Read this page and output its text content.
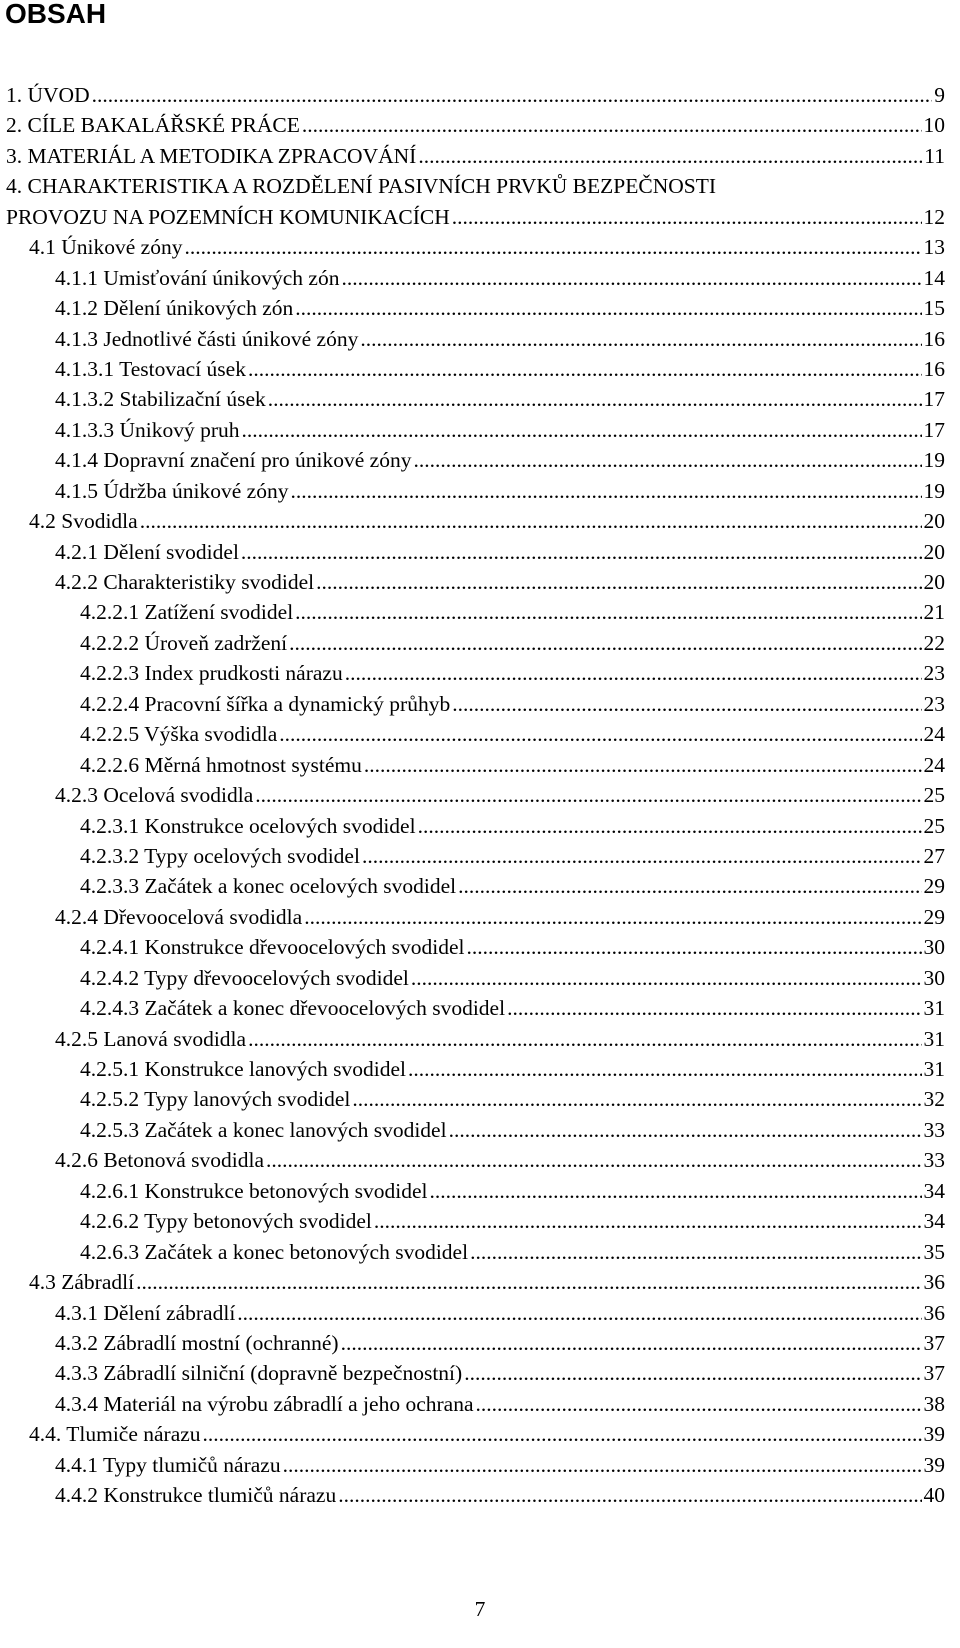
OBSAH
1. ÚVOD .....	9
2. CÍLE BAKALÁŘSKÉ PRÁCE .....	10
3. MATERIÁL A METODIKA ZPRACOVÁNÍ .....	11
4. CHARAKTERISTIKA A ROZDĚLENÍ PASIVNÍCH PRVKŮ BEZPEČNOSTI
PROVOZU NA POZEMNÍCH KOMUNIKACÍCH .....	12
4.1 Únikové zóny .....	13
4.1.1 Umisťování únikových zón .....	14
4.1.2 Dělení únikových zón .....	15
4.1.3 Jednotlivé části únikové zóny .....	16
4.1.3.1 Testovací úsek .....	16
4.1.3.2 Stabilizační úsek .....	17
4.1.3.3 Únikový pruh .....	17
4.1.4 Dopravní značení pro únikové zóny .....	19
4.1.5 Údržba únikové zóny .....	19
4.2 Svodidla .....	20
4.2.1 Dělení svodidel .....	20
4.2.2 Charakteristiky svodidel .....	20
4.2.2.1 Zatížení svodidel .....	21
4.2.2.2 Úroveň zadržení .....	22
4.2.2.3 Index prudkosti nárazu .....	23
4.2.2.4 Pracovní šířka a dynamický průhyb .....	23
4.2.2.5 Výška svodidla .....	24
4.2.2.6 Měrná hmotnost systému .....	24
4.2.3 Ocelová svodidla .....	25
4.2.3.1 Konstrukce ocelových svodidel .....	25
4.2.3.2 Typy ocelových svodidel .....	27
4.2.3.3 Začátek a konec ocelových svodidel .....	29
4.2.4 Dřevoocelová svodidla .....	29
4.2.4.1 Konstrukce dřevoocelových svodidel .....	30
4.2.4.2 Typy dřevoocelových svodidel .....	30
4.2.4.3 Začátek a konec dřevoocelových svodidel .....	31
4.2.5 Lanová svodidla .....	31
4.2.5.1 Konstrukce lanových svodidel .....	31
4.2.5.2 Typy lanových svodidel .....	32
4.2.5.3 Začátek a konec lanových svodidel .....	33
4.2.6 Betonová svodidla .....	33
4.2.6.1 Konstrukce betonových svodidel .....	34
4.2.6.2 Typy betonových svodidel .....	34
4.2.6.3 Začátek a konec betonových svodidel .....	35
4.3 Zábradlí .....	36
4.3.1 Dělení zábradlí .....	36
4.3.2 Zábradlí mostní (ochranné) .....	37
4.3.3 Zábradlí silniční (dopravně bezpečnostní) .....	37
4.3.4 Materiál na výrobu zábradlí a jeho ochrana .....	38
4.4. Tlumiče nárazu .....	39
4.4.1 Typy tlumičů nárazu .....	39
4.4.2 Konstrukce tlumičů nárazu .....	40
7
